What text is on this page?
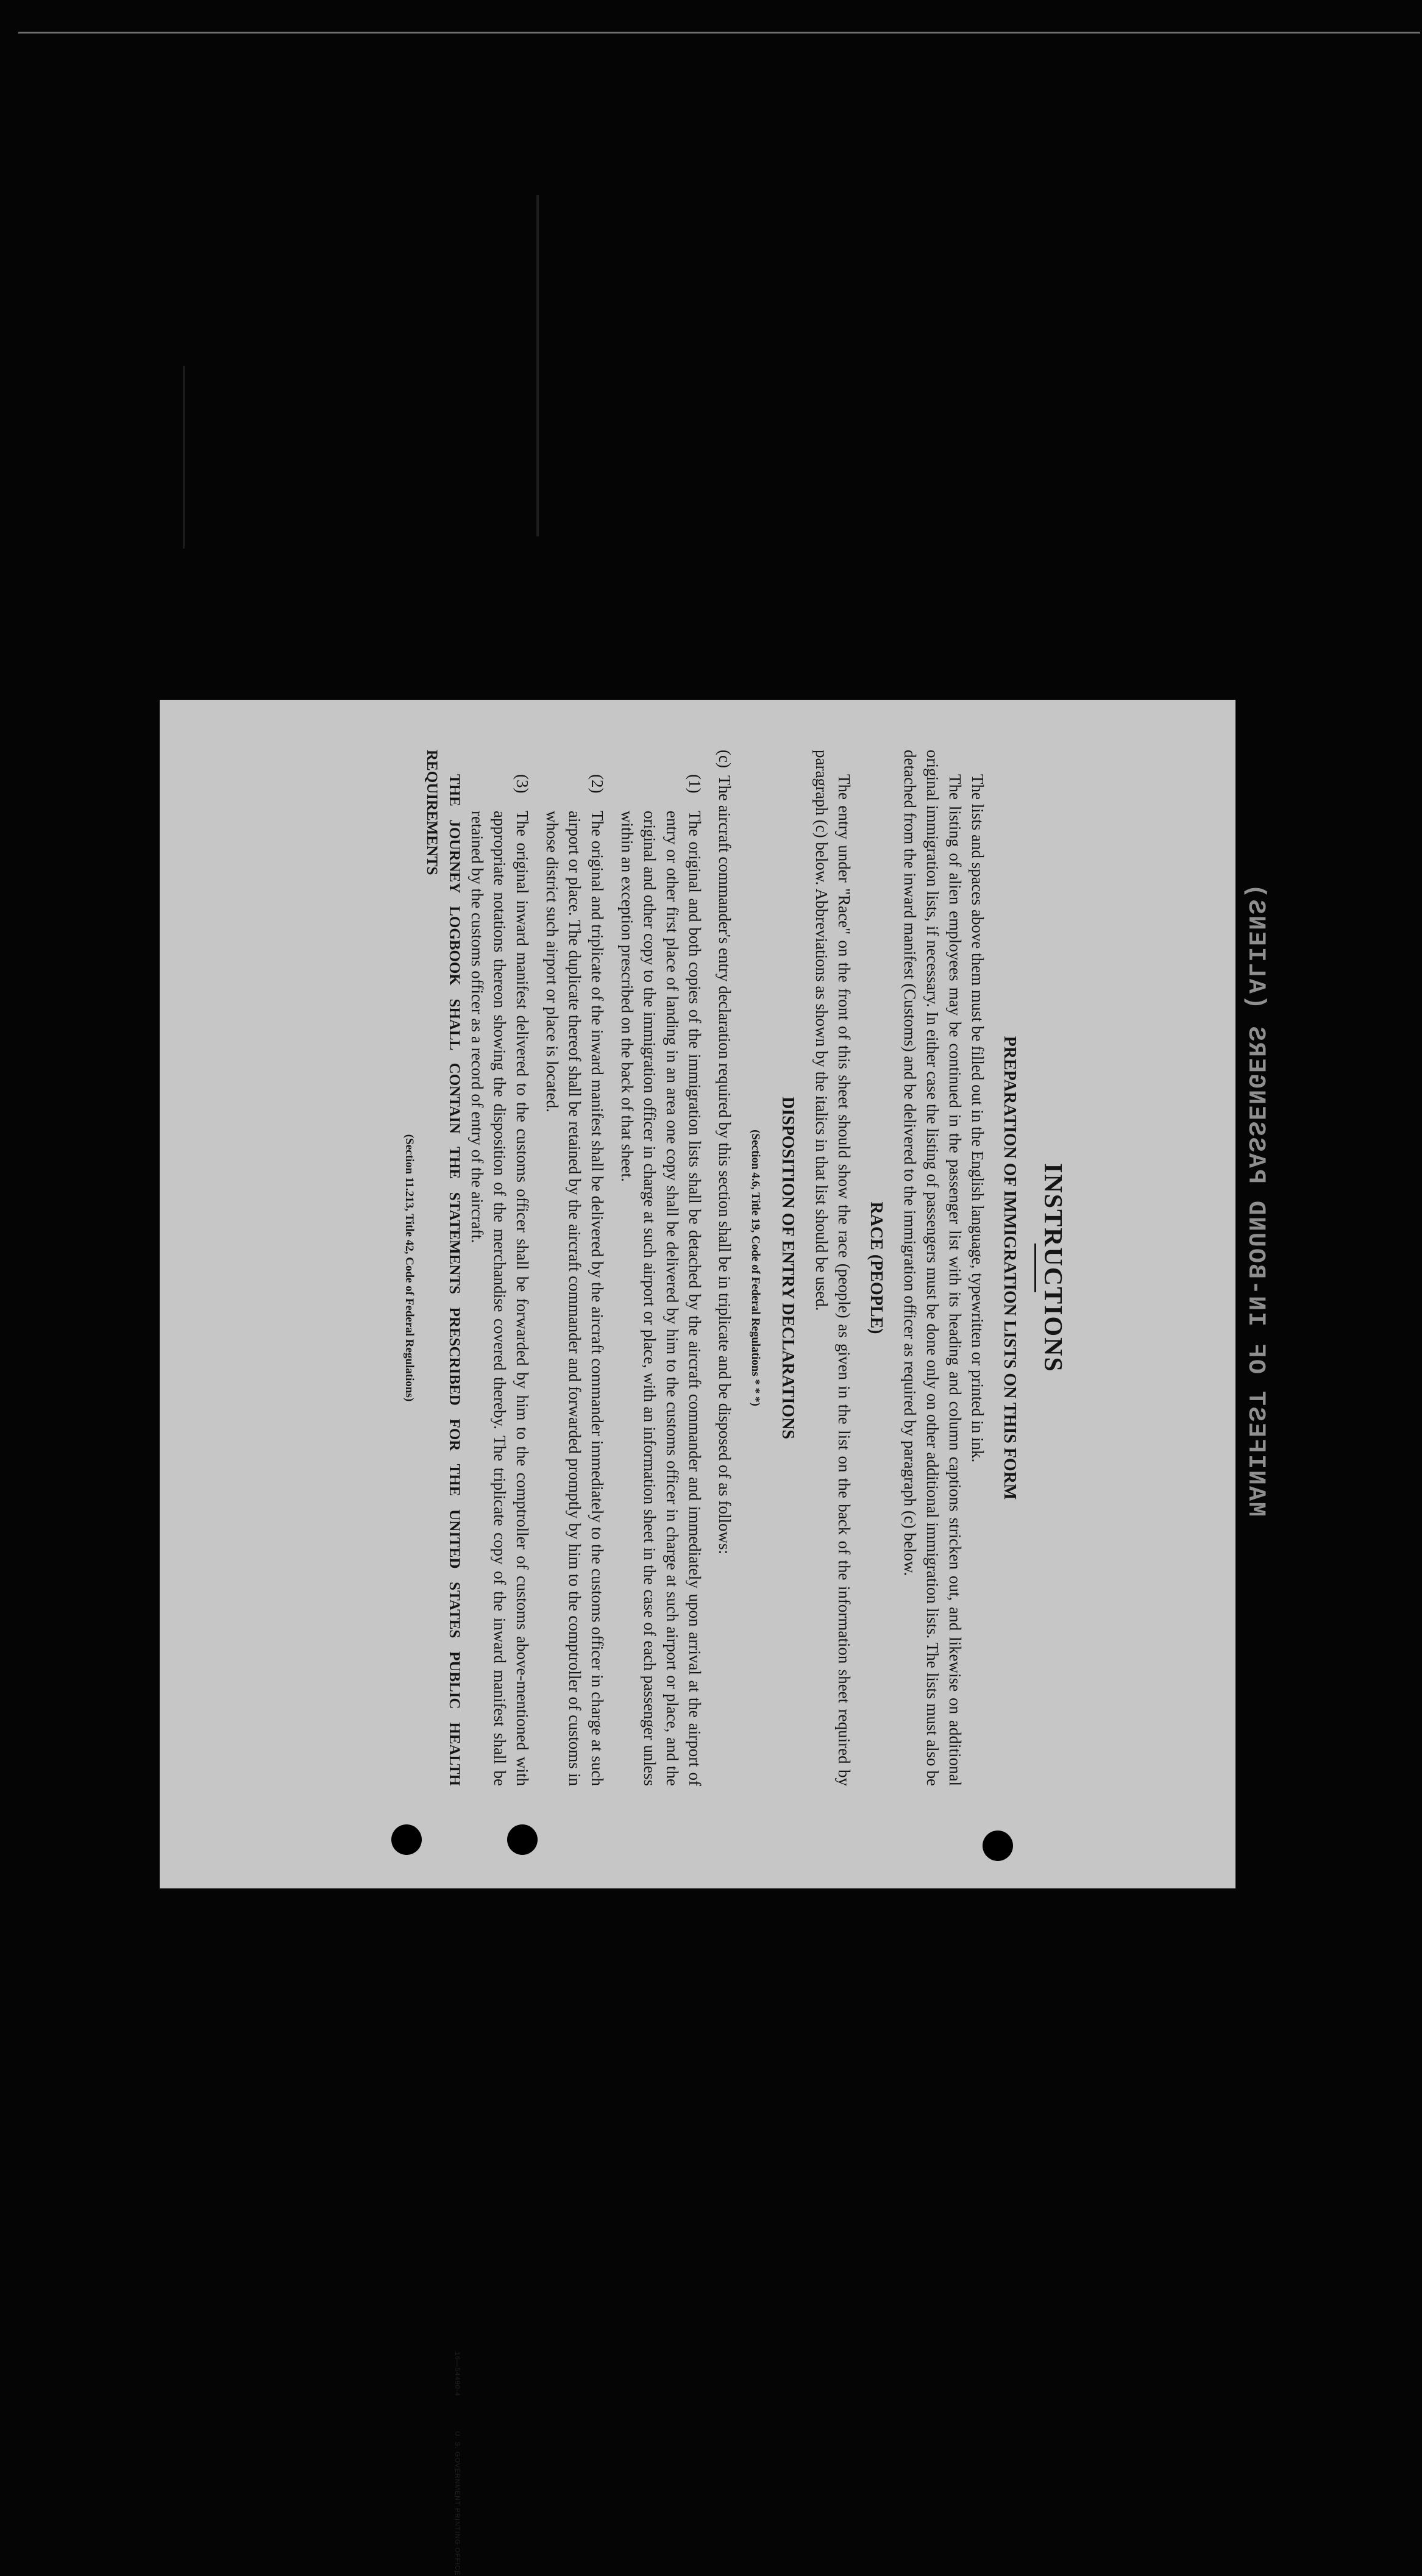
MANIFEST OF IN-BOUND PASSENGERS (ALIENS)
16—54490-4              U. S. GOVERNMENT PRINTING OFFICE
INSTRUCTIONS
PREPARATION OF IMMIGRATION LISTS ON THIS FORM

The lists and spaces above them must be filled out in the English language, typewritten or printed in ink.

The listing of alien employees may be continued in the passenger list with its heading and column captions stricken out, and likewise on additional original immigration lists, if necessary. In either case the listing of passengers must be done only on other additional immigration lists. The lists must also be detached from the inward manifest (Customs) and be delivered to the immigration officer as required by paragraph (c) below.

RACE (PEOPLE)

The entry under "Race" on the front of this sheet should show the race (people) as given in the list on the back of the information sheet required by paragraph (c) below. Abbreviations as shown by the italics in that list should be used.

DISPOSITION OF ENTRY DECLARATIONS
(Section 4.6, Title 19, Code of Federal Regulations * * *)
(c)
The aircraft commander's entry declaration required by this section shall be in triplicate and be disposed of as follows:
(1)
The original and both copies of the immigration lists shall be detached by the aircraft commander and immediately upon arrival at the airport of entry or other first place of landing in an area one copy shall be delivered by him to the customs officer in charge at such airport or place, and the original and other copy to the immigration officer in charge at such airport or place, with an information sheet in the case of each passenger unless within an exception prescribed on the back of that sheet.
(2)
The original and triplicate of the inward manifest shall be delivered by the aircraft commander immediately to the customs officer in charge at such airport or place. The duplicate thereof shall be retained by the aircraft commander and forwarded promptly by him to the comptroller of customs in whose district such airport or place is located.
(3)
The original inward manifest delivered to the customs officer shall be forwarded by him to the comptroller of customs above-mentioned with appropriate notations thereon showing the disposition of the merchandise covered thereby. The triplicate copy of the inward manifest shall be retained by the customs officer as a record of entry of the aircraft.

THE JOURNEY LOGBOOK SHALL CONTAIN THE STATEMENTS PRESCRIBED FOR THE UNITED STATES PUBLIC HEALTH REQUIREMENTS

(Section 11.213, Title 42, Code of Federal Regulations)
